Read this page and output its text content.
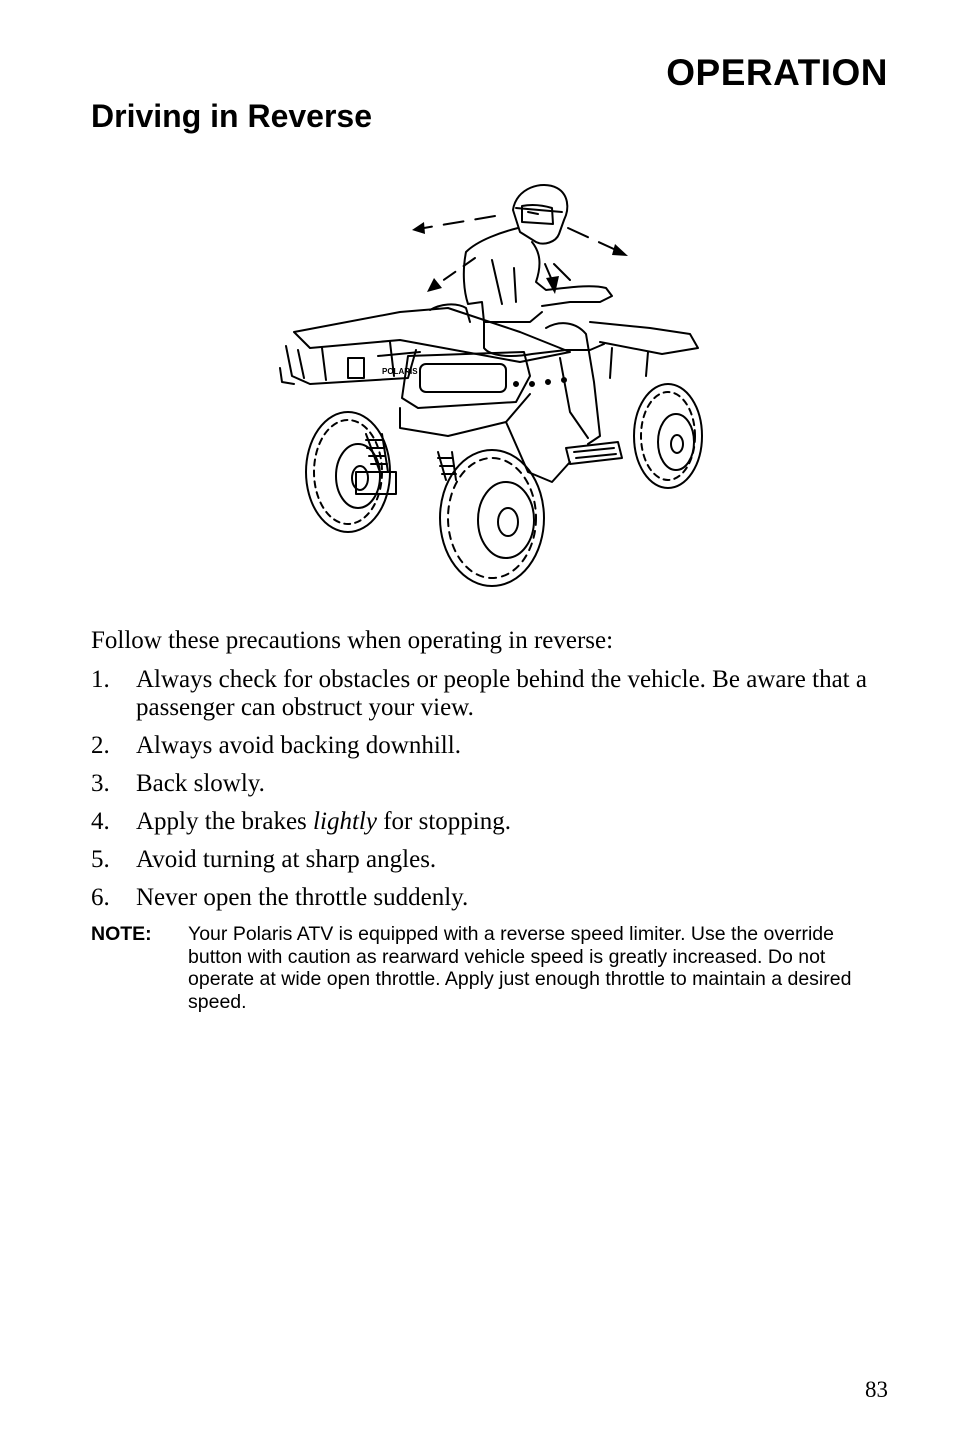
OPERATION
Driving in Reverse
POLARIS

Follow these precautions when operating in reverse:

1. Always check for obstacles or people behind the vehicle. Be aware that a passenger can obstruct your view.
2. Always avoid backing downhill.
3. Back slowly.
4. Apply the brakes lightly for stopping.
5. Avoid turning at sharp angles.
6. Never open the throttle suddenly.
NOTE: Your Polaris ATV is equipped with a reverse speed limiter. Use the override button with caution as rearward vehicle speed is greatly increased. Do not operate at wide open throttle. Apply just enough throttle to maintain a desired speed.
83
